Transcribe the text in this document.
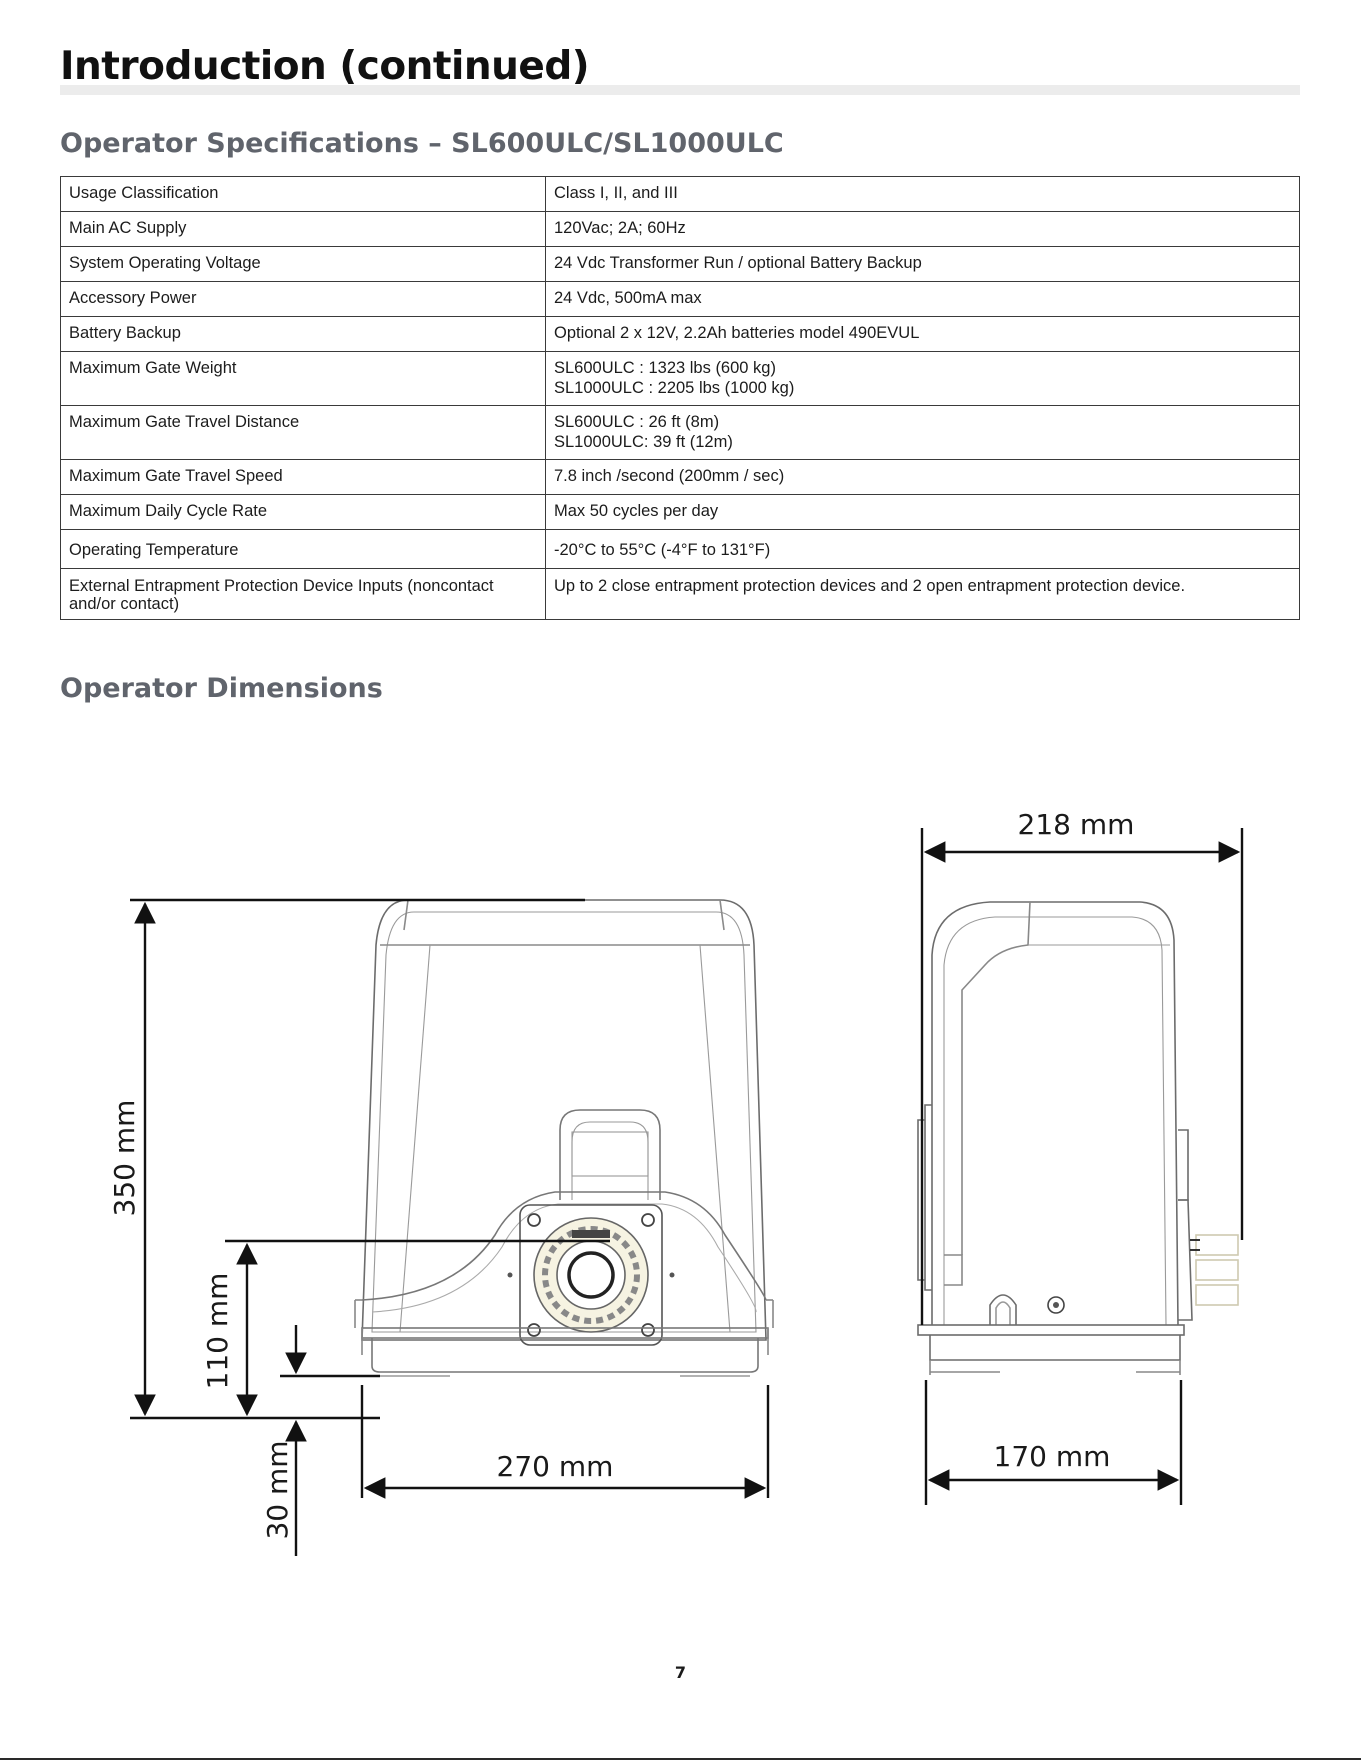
Introduction (continued)
Operator Specifications – SL600ULC/SL1000ULC
Usage Classification	Class I, II, and III

Main AC Supply	120Vac; 2A; 60Hz

System Operating Voltage	24 Vdc Transformer Run / optional Battery Backup

Accessory Power	24 Vdc, 500mA max

Battery Backup	Optional 2 x 12V, 2.2Ah batteries model 490EVUL

Maximum Gate Weight	SL600ULC : 1323 lbs (600 kg)
SL1000ULC : 2205 lbs (1000 kg)

Maximum Gate Travel Distance	SL600ULC : 26 ft (8m)
SL1000ULC: 39 ft (12m)

Maximum Gate Travel Speed	7.8 inch /second (200mm / sec)

Maximum Daily Cycle Rate	Max 50 cycles per day

Operating Temperature	-20°C to 55°C (-4°F to 131°F)

External Entrapment Protection Device Inputs (noncontact and/or contact)	Up to 2 close entrapment protection devices and 2 open entrapment protection device.
Operator Dimensions
350 mm
110 mm
30 mm	270 mm
218 mm
170 mm
7
